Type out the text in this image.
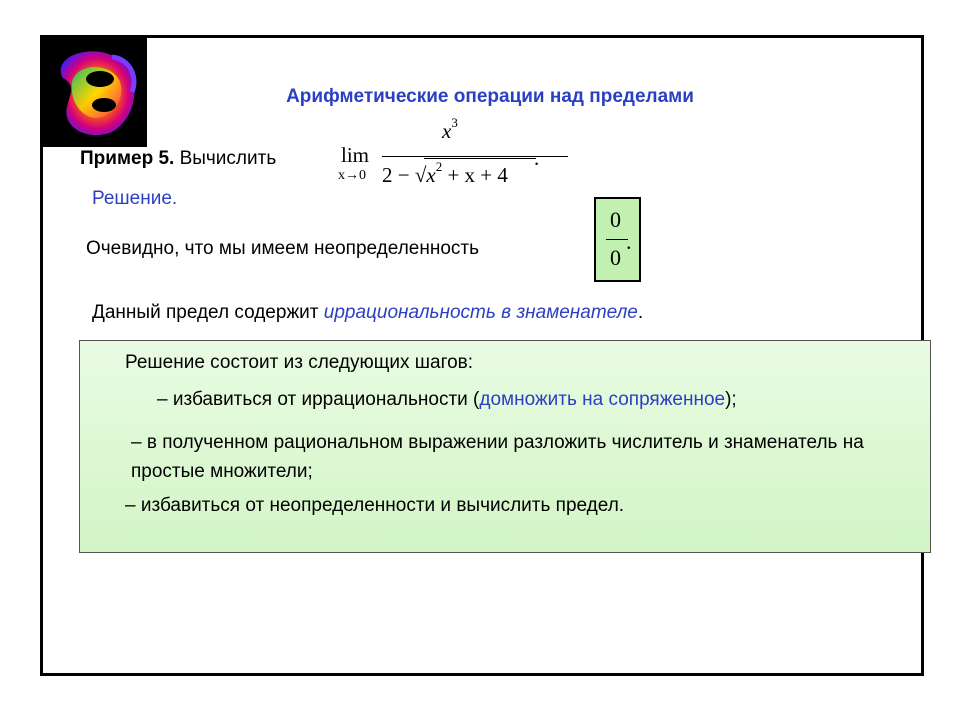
Арифметические операции над пределами
Пример 5. Вычислить	lim
x→0
$x^3$
$2 - √x^2 + x + 4$
.
Решение.
Очевидно, что мы имеем неопределенность
0
0
.
Данный предел содержит иррациональность в знаменателе.
Решение состоит из следующих шагов:
– избавиться от иррациональности (домножить на сопряженное);
– в полученном рациональном выражении разложить числитель и знаменатель на простые множители;
– избавиться от неопределенности и вычислить предел.
